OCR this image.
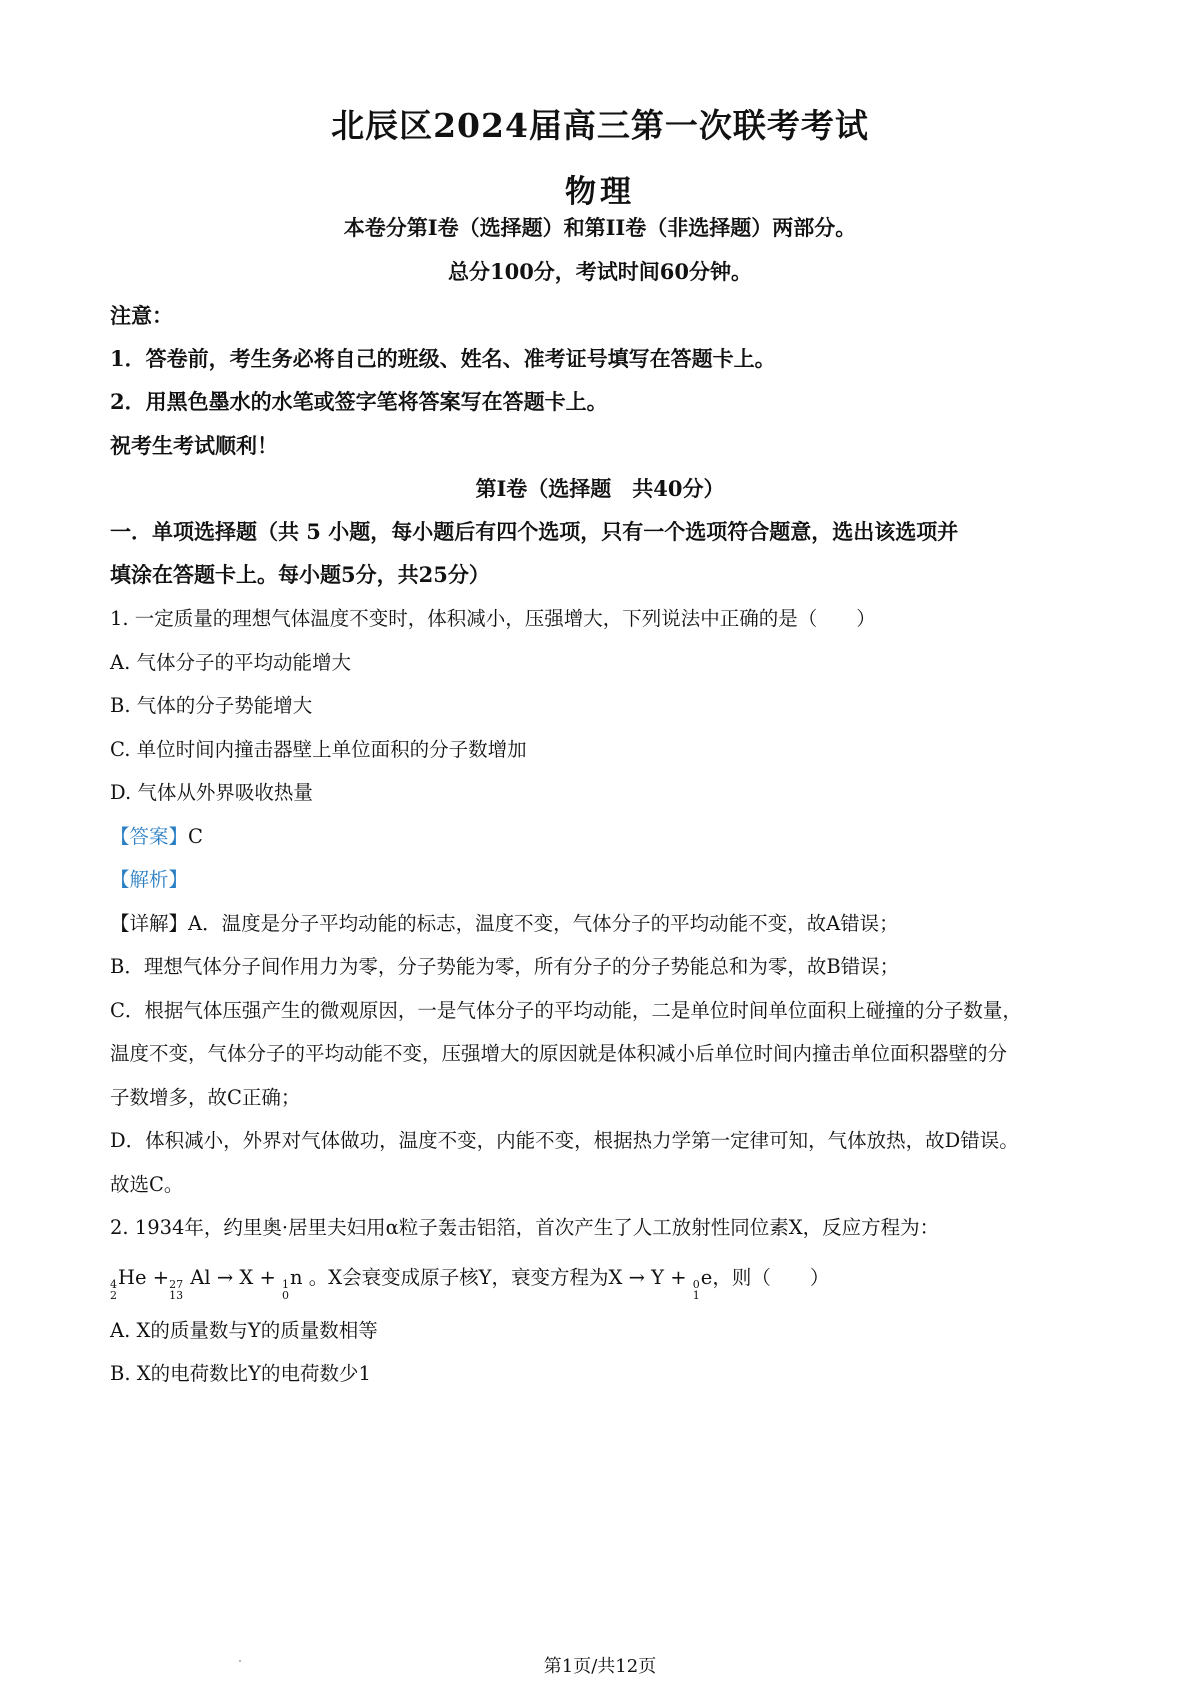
北辰区2024届高三第一次联考考试
物理
本卷分第I卷（选择题）和第II卷（非选择题）两部分。
总分100分，考试时间60分钟。
注意：
1．答卷前，考生务必将自己的班级、姓名、准考证号填写在答题卡上。
2．用黑色墨水的水笔或签字笔将答案写在答题卡上。
祝考生考试顺利！
第I卷（选择题　共40分）
一．单项选择题（共 5 小题，每小题后有四个选项，只有一个选项符合题意，选出该选项并
填涂在答题卡上。每小题5分，共25分）
1. 一定质量的理想气体温度不变时，体积减小，压强增大，下列说法中正确的是（　　）
A. 气体分子的平均动能增大
B. 气体的分子势能增大
C. 单位时间内撞击器壁上单位面积的分子数增加
D. 气体从外界吸收热量
【答案】C
【解析】
【详解】A．温度是分子平均动能的标志，温度不变，气体分子的平均动能不变，故A错误；
B．理想气体分子间作用力为零，分子势能为零，所有分子的分子势能总和为零，故B错误；
C．根据气体压强产生的微观原因，一是气体分子的平均动能，二是单位时间单位面积上碰撞的分子数量，
温度不变，气体分子的平均动能不变，压强增大的原因就是体积减小后单位时间内撞击单位面积器壁的分
子数增多，故C正确；
D．体积减小，外界对气体做功，温度不变，内能不变，根据热力学第一定律可知，气体放热，故D错误。
故选C。
2. 1934年，约里奥·居里夫妇用α粒子轰击铝箔，首次产生了人工放射性同位素X，反应方程为：
4
2
He + 27
13
Al → X + 1
0
n 。X会衰变成原子核Y，衰变方程为X → Y + 0
1
e，则（　　）
A. X的质量数与Y的质量数相等
B. X的电荷数比Y的电荷数少1
第1页/共12页
